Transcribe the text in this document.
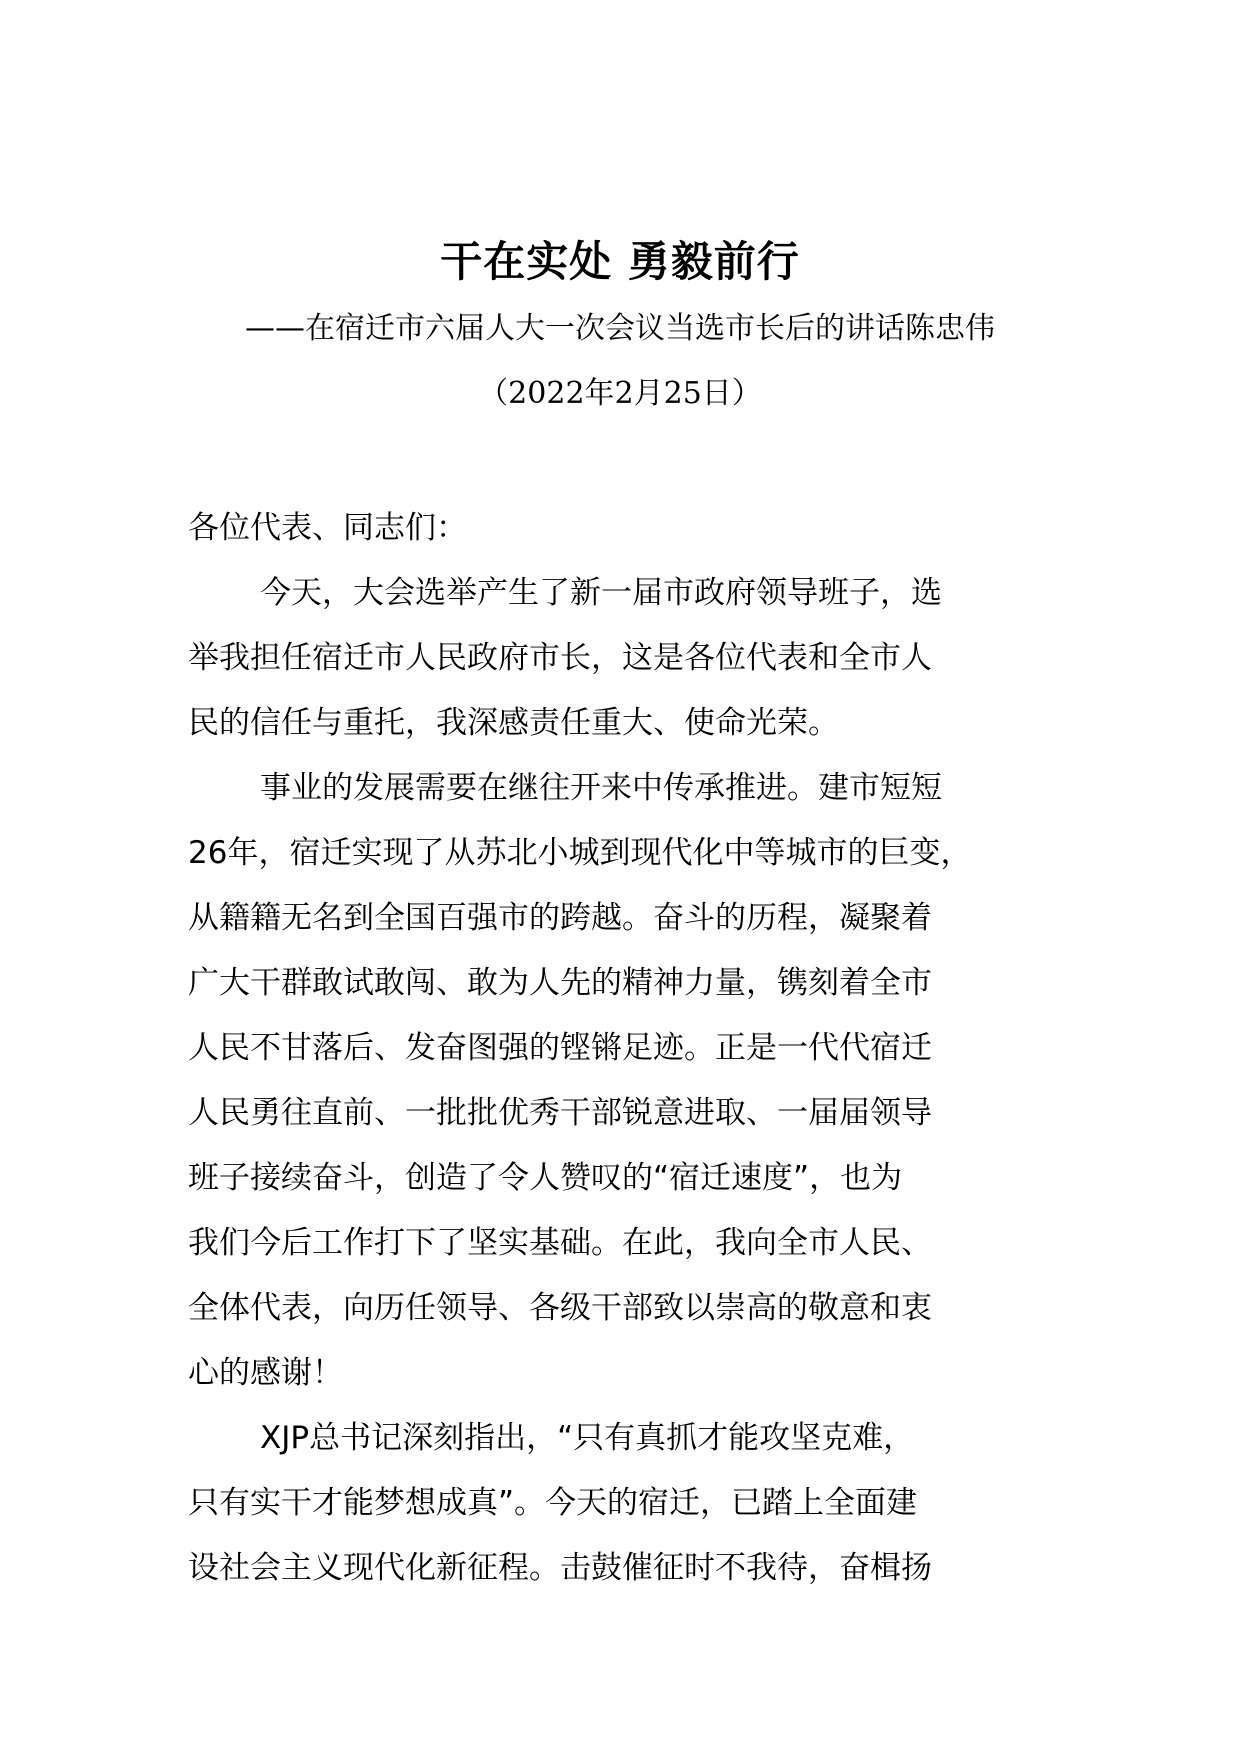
干在实处 勇毅前行
——在宿迁市六届人大一次会议当选市长后的讲话陈忠伟
（2022年2月25日）
各位代表、同志们：
今天，大会选举产生了新一届市政府领导班子，选
举我担任宿迁市人民政府市长，这是各位代表和全市人
民的信任与重托，我深感责任重大、使命光荣。
事业的发展需要在继往开来中传承推进。建市短短
26年，宿迁实现了从苏北小城到现代化中等城市的巨变，
从籍籍无名到全国百强市的跨越。奋斗的历程，凝聚着
广大干群敢试敢闯、敢为人先的精神力量，镌刻着全市
人民不甘落后、发奋图强的铿锵足迹。正是一代代宿迁
人民勇往直前、一批批优秀干部锐意进取、一届届领导
班子接续奋斗，创造了令人赞叹的“宿迁速度”，也为
我们今后工作打下了坚实基础。在此，我向全市人民、
全体代表，向历任领导、各级干部致以崇高的敬意和衷
心的感谢！
XJP总书记深刻指出，“只有真抓才能攻坚克难，
只有实干才能梦想成真”。今天的宿迁，已踏上全面建
设社会主义现代化新征程。击鼓催征时不我待，奋楫扬
